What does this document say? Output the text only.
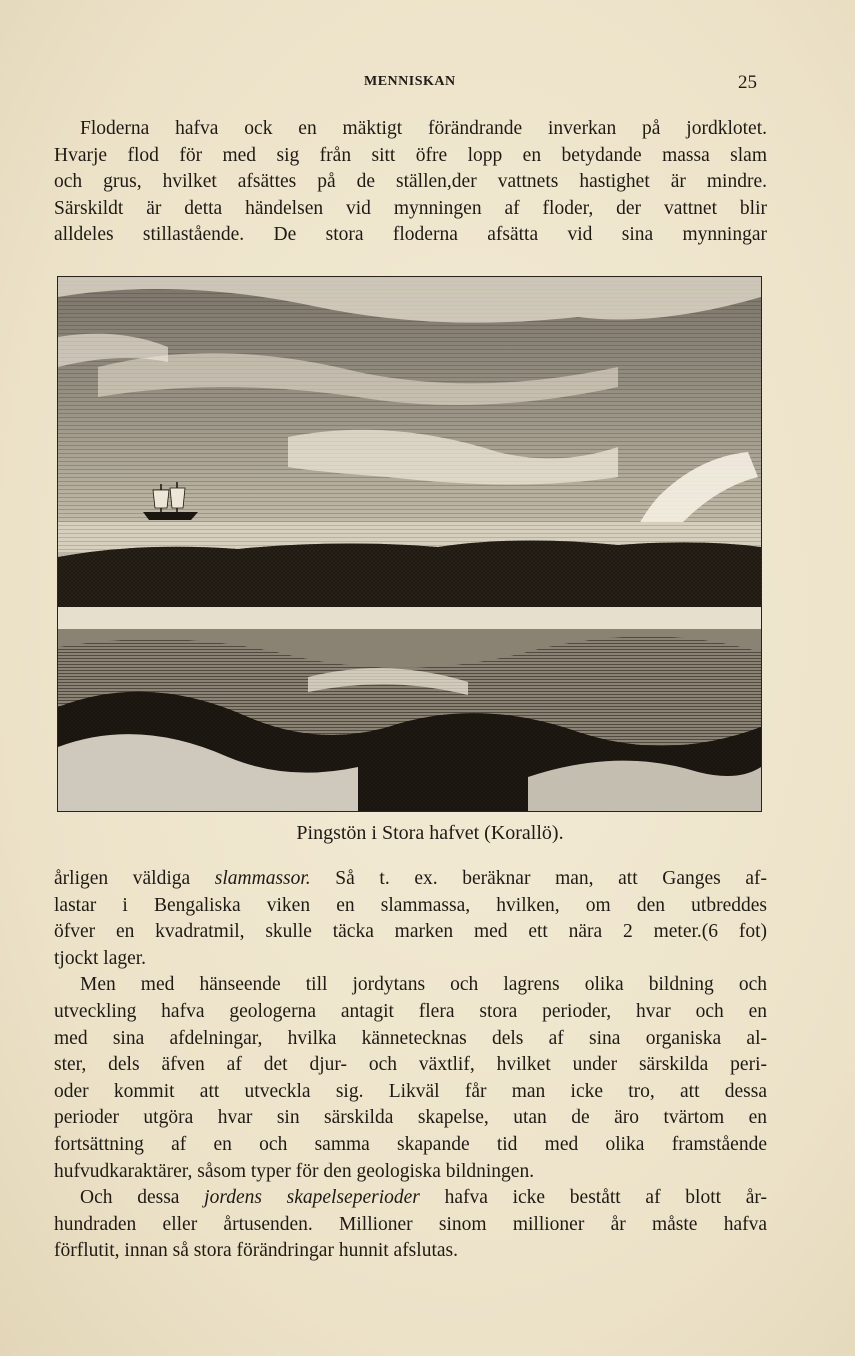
MENNISKAN	25
Floderna hafva ock en mäktigt förändrande inverkan på jordklotet.
Hvarje flod för med sig från sitt öfre lopp en betydande massa slam
och grus, hvilket afsättes på de ställen,der vattnets hastighet är mindre.
Särskildt är detta händelsen vid mynningen af floder, der vattnet blir
alldeles stillastående. De stora floderna afsätta vid sina mynningar
Pingstön i Stora hafvet (Korallö).
årligen väldiga slammassor. Så t. ex. beräknar man, att Ganges af-
lastar i Bengaliska viken en slammassa, hvilken, om den utbreddes
öfver en kvadratmil, skulle täcka marken med ett nära 2 meter.(6 fot)
tjockt lager.
Men med hänseende till jordytans och lagrens olika bildning och
utveckling hafva geologerna antagit flera stora perioder, hvar och en
med sina afdelningar, hvilka kännetecknas dels af sina organiska al-
ster, dels äfven af det djur- och växtlif, hvilket under särskilda peri-
oder kommit att utveckla sig. Likväl får man icke tro, att dessa
perioder utgöra hvar sin särskilda skapelse, utan de äro tvärtom en
fortsättning af en och samma skapande tid med olika framstående
hufvudkaraktärer, såsom typer för den geologiska bildningen.
Och dessa jordens skapelseperioder hafva icke bestått af blott år-
hundraden eller årtusenden. Millioner sinom millioner år måste hafva
förflutit, innan så stora förändringar hunnit afslutas.
